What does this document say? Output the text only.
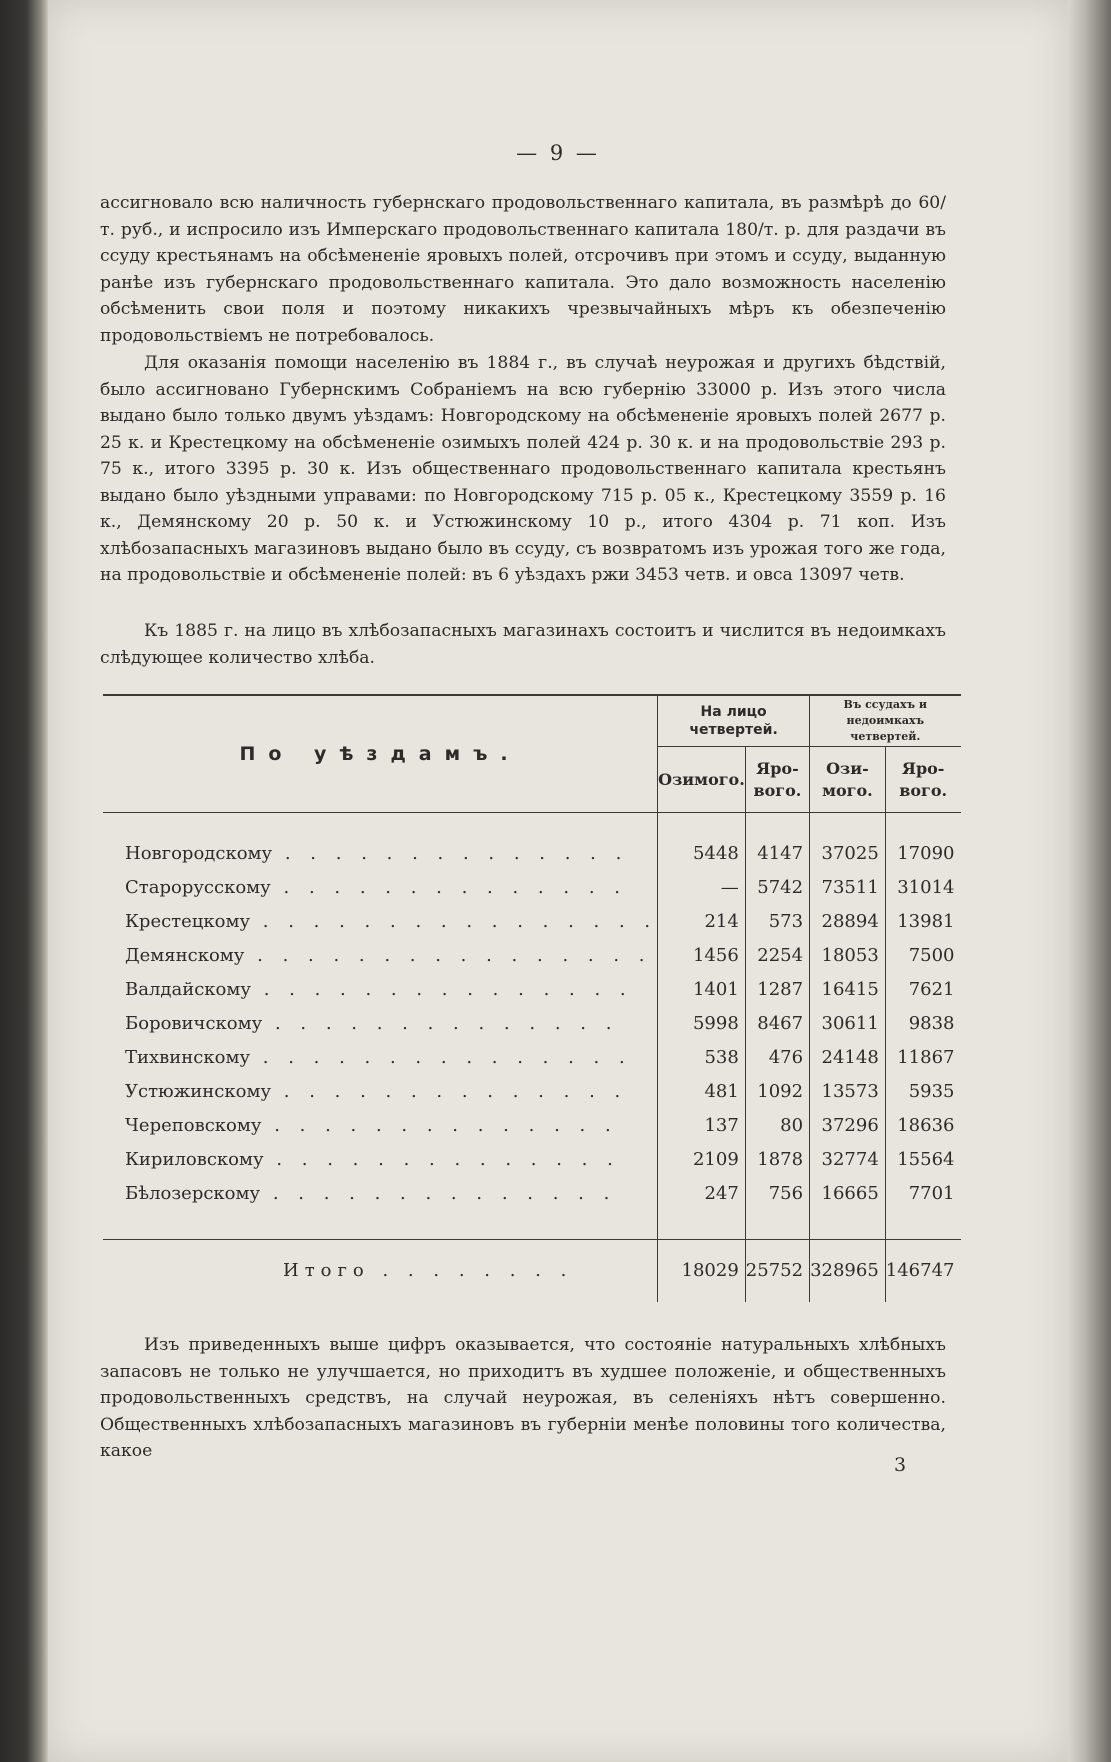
— 9 —

ассигновало всю наличность губернскаго продовольственнаго капитала, въ размѣрѣ до 60/т. руб., и испросило изъ Имперскаго продовольственнаго капитала 180/т. р. для раздачи въ ссуду крестьянамъ на обсѣмененіе яровыхъ полей, отсрочивъ при этомъ и ссуду, выданную ранѣе изъ губернскаго продовольственнаго капитала. Это дало возможность населенію обсѣменить свои поля и поэтому никакихъ чрезвычайныхъ мѣръ къ обезпеченію продовольствіемъ не потребовалось.

Для оказанія помощи населенію въ 1884 г., въ случаѣ неурожая и другихъ бѣдствій, было ассигновано Губернскимъ Собраніемъ на всю губернію 33000 р. Изъ этого числа выдано было только двумъ уѣздамъ: Новгородскому на обсѣмененіе яровыхъ полей 2677 р. 25 к. и Крестецкому на обсѣмененіе озимыхъ полей 424 р. 30 к. и на продовольствіе 293 р. 75 к., итого 3395 р. 30 к. Изъ общественнаго продовольственнаго капитала крестьянъ выдано было уѣздными управами: по Новгородскому 715 р. 05 к., Крестецкому 3559 р. 16 к., Демянскому 20 р. 50 к. и Устюжинскому 10 р., итого 4304 р. 71 коп. Изъ хлѣбозапасныхъ магазиновъ выдано было въ ссуду, съ возвратомъ изъ урожая того же года, на продовольствіе и обсѣмененіе полей: въ 6 уѣздахъ ржи 3453 четв. и овса 13097 четв.

Къ 1885 г. на лицо въ хлѣбозапасныхъ магазинахъ состоитъ и числится въ недоимкахъ слѣдующее количество хлѣба.

По уѣздамъ.	На лицо четвертей.		Въ ссудахъ и недоимкахъ четвертей.	
	Озимого.	Яро-вого.	Ози-мого.	Яро-вого.
Новгородскому . . . . . . . . . . . . . .	5448	4147	37025	17090
Старорусскому . . . . . . . . . . . . . .	—	5742	73511	31014
Крестецкому . . . . . . . . . . . . . . . .	214	573	28894	13981
Демянскому . . . . . . . . . . . . . . . .	1456	2254	18053	7500
Валдайскому . . . . . . . . . . . . . . .	1401	1287	16415	7621
Боровичскому . . . . . . . . . . . . . .	5998	8467	30611	9838
Тихвинскому . . . . . . . . . . . . . . .	538	476	24148	11867
Устюжинскому . . . . . . . . . . . . . .	481	1092	13573	5935
Череповскому . . . . . . . . . . . . . .	137	80	37296	18636
Кириловскому . . . . . . . . . . . . . .	2109	1878	32774	15564
Бѣлозерскому . . . . . . . . . . . . . .	247	756	16665	7701

Итого . . . . . . . .	18029	25752	328965	146747

Изъ приведенныхъ выше цифръ оказывается, что состояніе натуральныхъ хлѣбныхъ запасовъ не только не улучшается, но приходитъ въ худшее положеніе, и общественныхъ продовольственныхъ средствъ, на случай неурожая, въ селеніяхъ нѣтъ совершенно. Общественныхъ хлѣбозапасныхъ магазиновъ въ губерніи менѣе половины того количества, какое

3
